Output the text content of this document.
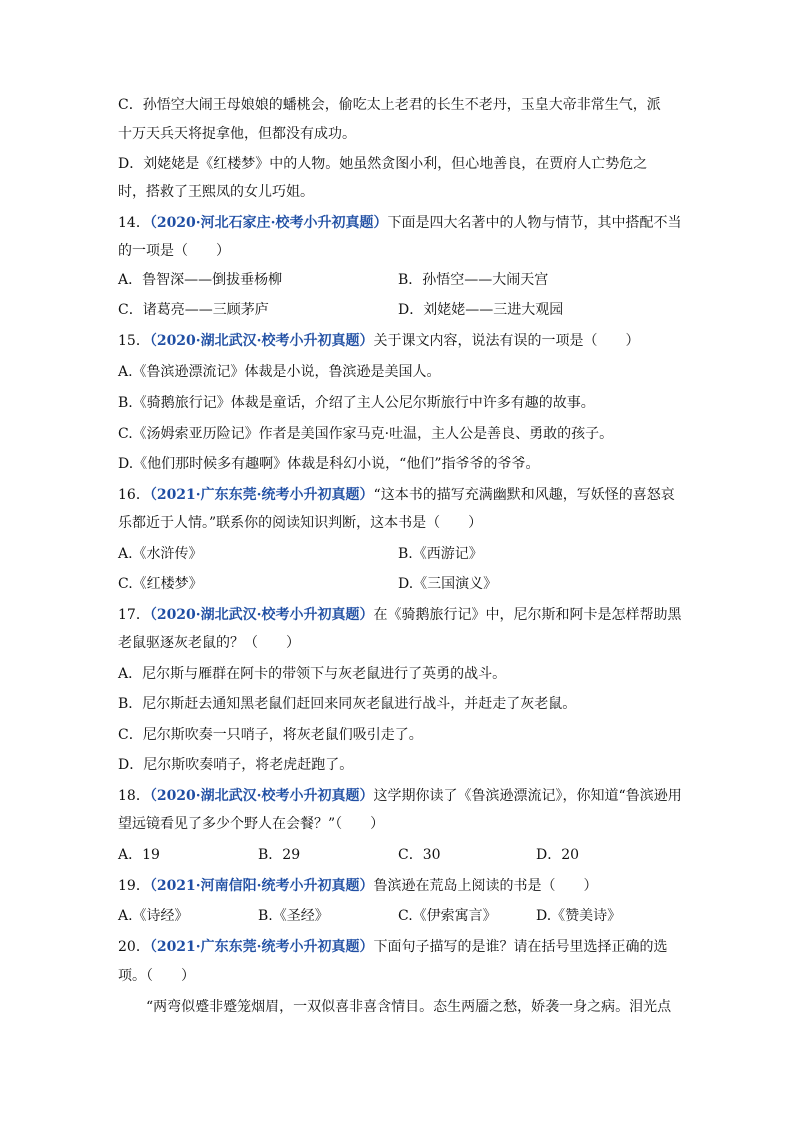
C．孙悟空大闹王母娘娘的蟠桃会，偷吃太上老君的长生不老丹，玉皇大帝非常生气，派
十万天兵天将捉拿他，但都没有成功。
D．刘姥姥是《红楼梦》中的人物。她虽然贪图小利，但心地善良，在贾府人亡势危之
时，搭救了王熙凤的女儿巧姐。
14．（2020·河北石家庄·校考小升初真题）下面是四大名著中的人物与情节，其中搭配不当
的一项是（　　）
A．鲁智深——倒拔垂杨柳	B．孙悟空——大闹天宫
C．诸葛亮——三顾茅庐	D．刘姥姥——三进大观园
15．（2020·湖北武汉·校考小升初真题）关于课文内容，说法有误的一项是（　　）
A.《鲁滨逊漂流记》体裁是小说，鲁滨逊是美国人。
B.《骑鹅旅行记》体裁是童话，介绍了主人公尼尔斯旅行中许多有趣的故事。
C.《汤姆索亚历险记》作者是美国作家马克·吐温，主人公是善良、勇敢的孩子。
D.《他们那时候多有趣啊》体裁是科幻小说，“他们”指爷爷的爷爷。
16．（2021·广东东莞·统考小升初真题）“这本书的描写充满幽默和风趣，写妖怪的喜怒哀
乐都近于人情。”联系你的阅读知识判断，这本书是（　　）
A.《水浒传》	B.《西游记》
C.《红楼梦》	D.《三国演义》
17．（2020·湖北武汉·校考小升初真题）在《骑鹅旅行记》中，尼尔斯和阿卡是怎样帮助黑
老鼠驱逐灰老鼠的？（　　）
A．尼尔斯与雁群在阿卡的带领下与灰老鼠进行了英勇的战斗。
B．尼尔斯赶去通知黑老鼠们赶回来同灰老鼠进行战斗，并赶走了灰老鼠。
C．尼尔斯吹奏一只哨子，将灰老鼠们吸引走了。
D．尼尔斯吹奏哨子，将老虎赶跑了。
18．（2020·湖北武汉·校考小升初真题）这学期你读了《鲁滨逊漂流记》，你知道“鲁滨逊用
望远镜看见了多少个野人在会餐？”（　　）
A．19	B．29	C．30	D．20
19．（2021·河南信阳·统考小升初真题）鲁滨逊在荒岛上阅读的书是（　　）
A.《诗经》	B.《圣经》	C.《伊索寓言》	D.《赞美诗》
20．（2021·广东东莞·统考小升初真题）下面句子描写的是谁？请在括号里选择正确的选
项。（　　）
“两弯似蹙非蹙笼烟眉，一双似喜非喜含情目。态生两靥之愁，娇袭一身之病。泪光点
